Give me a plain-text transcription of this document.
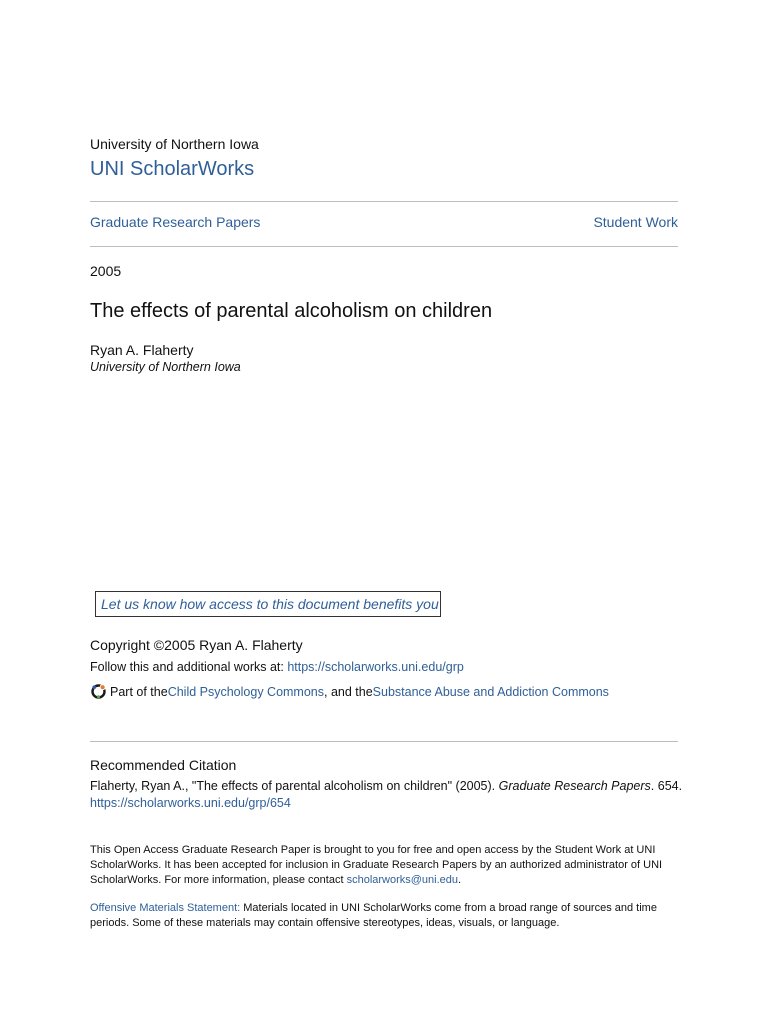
University of Northern Iowa
UNI ScholarWorks
Graduate Research Papers	Student Work
2005
The effects of parental alcoholism on children
Ryan A. Flaherty
University of Northern Iowa
Let us know how access to this document benefits you
Copyright ©2005 Ryan A. Flaherty
Follow this and additional works at: https://scholarworks.uni.edu/grp
Part of the Child Psychology Commons , and the Substance Abuse and Addiction Commons
Recommended Citation
Flaherty, Ryan A., "The effects of parental alcoholism on children" (2005). Graduate Research Papers. 654.
https://scholarworks.uni.edu/grp/654
This Open Access Graduate Research Paper is brought to you for free and open access by the Student Work at UNI ScholarWorks. It has been accepted for inclusion in Graduate Research Papers by an authorized administrator of UNI ScholarWorks. For more information, please contact scholarworks@uni.edu.
Offensive Materials Statement: Materials located in UNI ScholarWorks come from a broad range of sources and time periods. Some of these materials may contain offensive stereotypes, ideas, visuals, or language.
